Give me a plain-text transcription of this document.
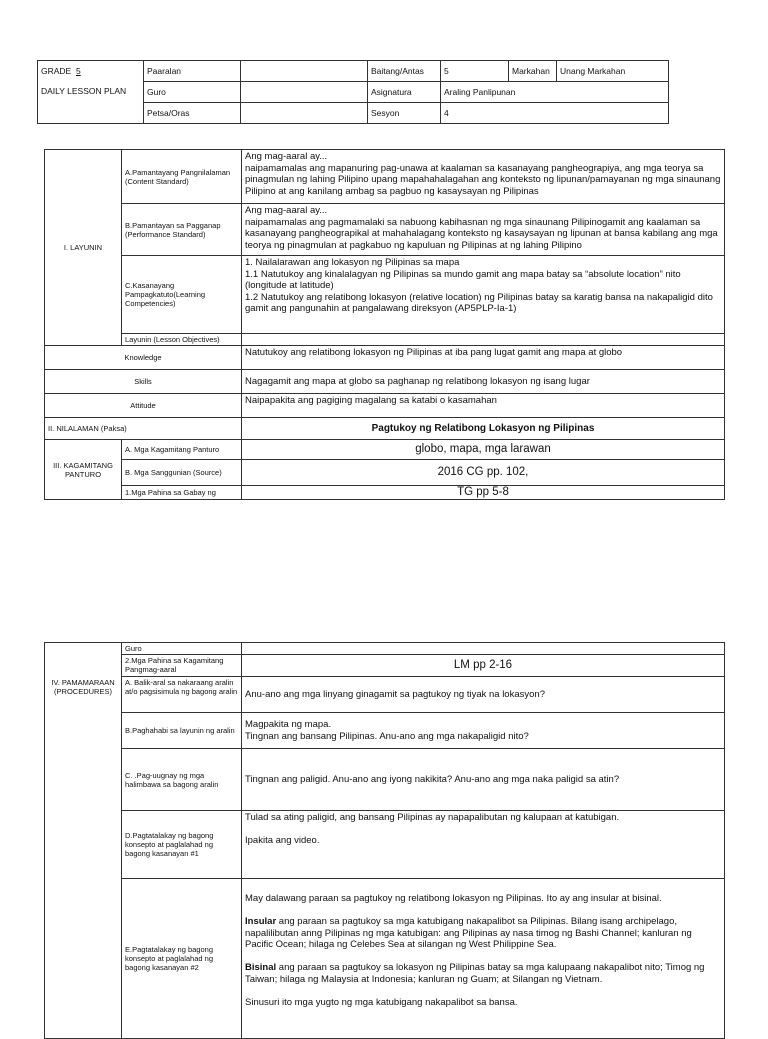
GRADE 5	Paaralan		Baitang/Antas	5	Markahan	Unang Markahan
DAILY LESSON PLAN	Guro		Asignatura	Araling Panlipunan		
	Petsa/Oras		Sesyon	4		
I. LAYUNIN	A.Pamantayang Pangnilalaman (Content Standard)	Ang mag-aaral ay...

naipamamalas ang mapanuring pag-unawa at kaalaman sa kasanayang pangheograpiya, ang mga teorya sa pinagmulan ng lahing Pilipino upang mapahahalagahan ang konteksto ng lipunan/pamayanan ng mga sinaunang Pilipino at ang kanilang ambag sa pagbuo ng kasaysayan ng Pilipinas

	B.Pamantayan sa Pagganap (Performance Standard)	Ang mag-aaral ay...

naipamamalas ang pagmamalaki sa nabuong kabihasnan ng mga sinaunang Pilipinogamit ang kaalaman sa kasanayang pangheograpikal at mahahalagang konteksto ng kasaysayan ng lipunan at bansa kabilang ang mga teorya ng pinagmulan at pagkabuo ng kapuluan ng Pilipinas at ng lahing Pilipino

	C.Kasanayang Pampagkatuto(Learning Competencies)	1. Nailalarawan ang lokasyon ng Pilipinas sa mapa

1.1 Natutukoy ang kinalalagyan ng Pilipinas sa mundo gamit ang mapa batay sa “absolute location” nito (longitude at latitude)

1.2 Natutukoy ang relatibong lokasyon (relative location) ng Pilipinas batay sa karatig bansa na nakapaligid dito gamit ang pangunahin at pangalawang direksyon (AP5PLP-Ia-1)

	Layunin (Lesson Objectives)	
Knowledge		Natutukoy ang relatibong lokasyon ng Pilipinas at iba pang lugat gamit ang mapa at globo
Skills		Nagagamit ang mapa at globo sa paghanap ng relatibong lokasyon ng isang lugar
Attitude		Naipapakita ang pagiging magalang sa katabi o kasamahan
II. NILALAMAN (Paksa)		Pagtukoy ng Relatibong Lokasyon ng Pilipinas
III. KAGAMITANG PANTURO	A. Mga Kagamitang Panturo	globo, mapa, mga larawan
	B. Mga Sanggunian (Source)	2016 CG pp. 102,
	1.Mga Pahina sa Gabay ng	TG pp 5-8
	Guro	
	2.Mga Pahina sa Kagamitang Pangmag-aaral	LM pp 2-16
IV. PAMAMARAAN (PROCEDURES)	A. Balik-aral sa nakaraang aralin at/o pagsisimula ng bagong aralin	Anu-ano ang mga linyang ginagamit sa pagtukoy ng tiyak na lokasyon?
	B.Paghahabi sa layunin ng aralin	Magpakita ng mapa.

Tingnan ang bansang Pilipinas. Anu-ano ang mga nakapaligid nito?

	C. .Pag-uugnay ng mga halimbawa sa bagong aralin	Tingnan ang paligid. Anu-ano ang iyong nakikita? Anu-ano ang mga naka paligid sa atin?
	D.Pagtatalakay ng bagong konsepto at paglalahad ng bagong kasanayan #1	Tulad sa ating paligid, ang bansang Pilipinas ay napapalibutan ng kalupaan at katubigan.

Ipakita ang video.

	E.Pagtatalakay ng bagong konsepto at paglalahad ng bagong kasanayan #2	May dalawang paraan sa pagtukoy ng relatibong lokasyon ng Pilipinas. Ito ay ang insular at bisinal.

Insular ang paraan sa pagtukoy sa mga katubigang nakapalibot sa Pilipinas. Bilang isang archipelago, napalilibutan anng Pilipinas ng mga katubigan: ang Pilipinas ay nasa timog ng Bashi Channel; kanluran ng Pacific Ocean; hilaga ng Celebes Sea at silangan ng West Philippine Sea.

Bisinal ang paraan sa pagtukoy sa lokasyon ng Pilipinas batay sa mga kalupaang nakapalibot nito; Timog ng Taiwan; hilaga ng Malaysia at Indonesia; kanluran ng Guam; at Silangan ng Vietnam.

Sinusuri ito mga yugto ng mga katubigang nakapalibot sa bansa.
